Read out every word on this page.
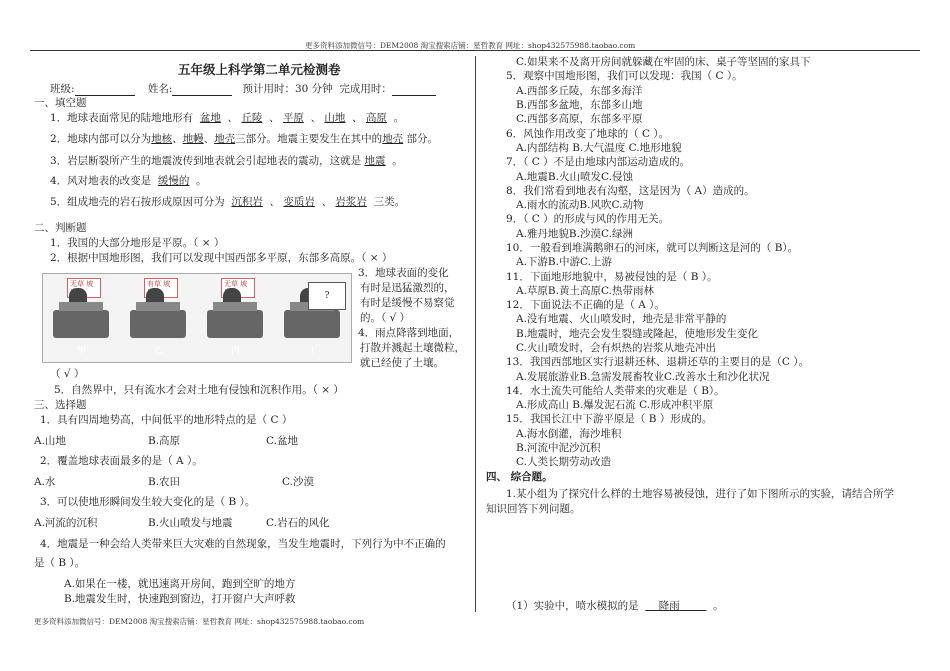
更多资料添加微信号：DEM2008 淘宝搜索店铺：星哲教育 网址：shop432575988.taobao.com
五年级上科学第二单元检测卷
班级:	姓名:	预计用时：30 分钟 完成用时：
一、填空题
1．地球表面常见的陆地地形有 盆地  、 丘陵  、 平原  、 山地  、 高原  。
2．地球内部可以分为地核、地幔、地壳三部分。地震主要发生在其中的地壳 部分。
3．岩层断裂所产生的地震波传到地表就会引起地表的震动，这就是 地震  。
4．风对地表的改变是 缓慢的  。
5．组成地壳的岩石按形成原因可分为 沉积岩  、 变质岩  、 岩浆岩 三类。
二、判断题
1．我国的大部分地形是平原。（ × ）
2．根据中国地形图，我们可以发现中国西部多平原，东部多高原。（ × ）
无草 坡
甲
有草 坡
乙
无草 坡
丙	丁
?
3．地球表面的变化
有时是迅猛激烈的，
有时是缓慢不易察觉
的。（ √ ）
4．雨点降落到地面，
打散并溅起土壤微粒，
就已经使了土壤。
（ √ ）
5．自然界中，只有流水才会对土地有侵蚀和沉积作用。（ × ）
三、选择题
1．具有四周地势高，中间低平的地形特点的是（ C ）
A.山地	B.高原	C.盆地
2．覆盖地球表面最多的是（ A ）。
A.水	B.农田	C.沙漠
3．可以使地形瞬间发生较大变化的是（ B ）。
A.河流的沉积	B.火山喷发与地震	C.岩石的风化
4．地震是一种会给人类带来巨大灾难的自然现象，当发生地震时，下列行为中不正确的
是（ B ）。
A.如果在一楼，就迅速离开房间，跑到空旷的地方
B.地震发生时，快速跑到窗边，打开窗户大声呼救
更多资料添加微信号：DEM2008 淘宝搜索店铺：星哲教育 网址：shop432575988.taobao.com
C.如果来不及离开房间就躲藏在牢固的床、桌子等坚固的家具下
5．观察中国地形图，我们可以发现：我国（ C ）。
A.西部多丘陵，东部多海洋
B.西部多盆地，东部多山地
C.西部多高原，东部多平原
6．风蚀作用改变了地球的（ C ）。
A.内部结构 B.大气温度 C.地形地貌
7．（ C ）不是由地球内部运动造成的。
A.地震B.火山喷发C.侵蚀
8．我们常看到地表有沟壑，这是因为（ A）造成的。
A.雨水的流动B.风吹C.动物
9．（ C ）的形成与风的作用无关。
A.雅丹地貌B.沙漠C.绿洲
10．一般看到堆满鹅卵石的河床，就可以判断这是河的（ B）。
A.下游B.中游C.上游
11．下面地形地貌中，易被侵蚀的是（ B ）。
A.草原B.黄土高原C.热带雨林
12．下面说法不正确的是（ A ）。
A.没有地震、火山喷发时，地壳是非常平静的
B.地震时，地壳会发生裂缝或隆起，使地形发生变化
C.火山喷发时，会有炽热的岩浆从地壳冲出
13．我国西部地区实行退耕还林、退耕还草的主要目的是（C ）。
A.发展旅游业B.急需发展畜牧业C.改善水土和沙化状况
14．水土流失可能给人类带来的灾难是（ B）。
A.形成高山 B.爆发泥石流 C.形成冲积平原
15．我国长江中下游平原是（ B ）形成的。
A.海水倒灌，海沙堆积
B.河流中泥沙沉积
C.人类长期劳动改造
四、 综合题。
1.某小组为了探究什么样的土地容易被侵蚀，进行了如下图所示的实验，请结合所学
知识回答下列问题。
（1）实验中，喷水模拟的是 降雨	。
